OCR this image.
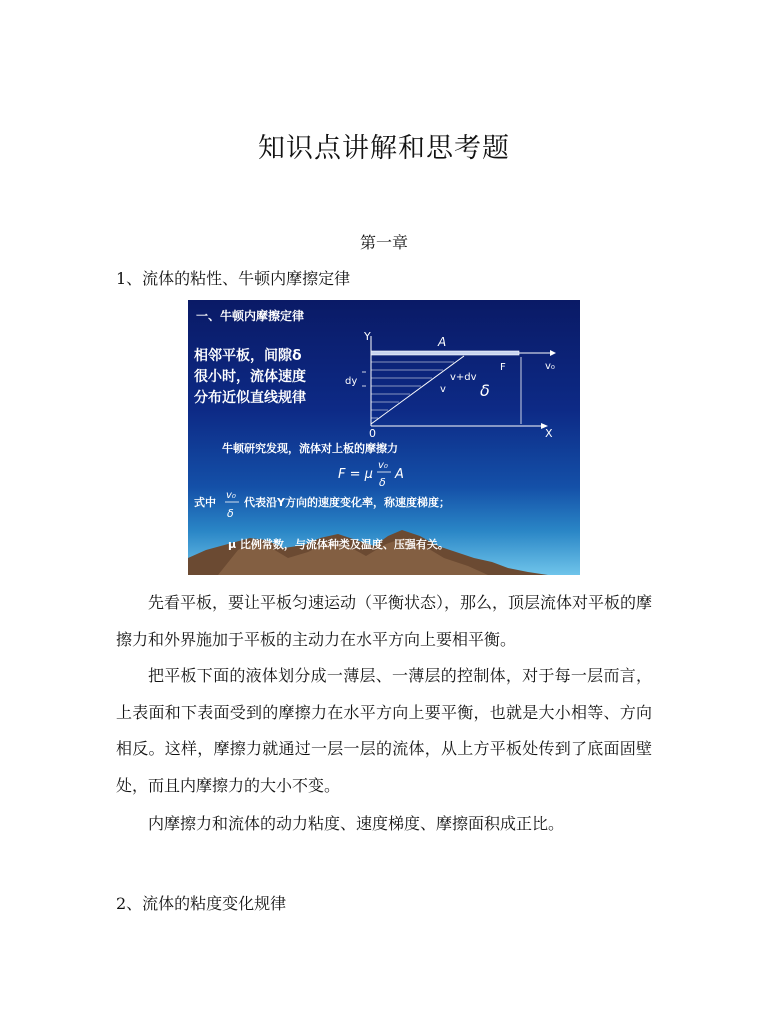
知识点讲解和思考题
第一章
1、流体的粘性、牛顿内摩擦定律
一、牛顿内摩擦定律
相邻平板，间隙δ
很小时，流体速度
分布近似直线规律
Y
X
0
A
v₀
F
δ
dy	v+dv
v
牛顿研究发现，流体对上板的摩擦力
F = μ
v₀
δ
A
式中
v₀
δ
代表沿Y方向的速度变化率，称速度梯度；
μ 比例常数，与流体种类及温度、压强有关。
先看平板，要让平板匀速运动（平衡状态），那么，顶层流体对平板的摩擦力和外界施加于平板的主动力在水平方向上要相平衡。
把平板下面的液体划分成一薄层、一薄层的控制体，对于每一层而言，上表面和下表面受到的摩擦力在水平方向上要平衡，也就是大小相等、方向相反。这样，摩擦力就通过一层一层的流体，从上方平板处传到了底面固壁处，而且内摩擦力的大小不变。
内摩擦力和流体的动力粘度、速度梯度、摩擦面积成正比。
2、流体的粘度变化规律
